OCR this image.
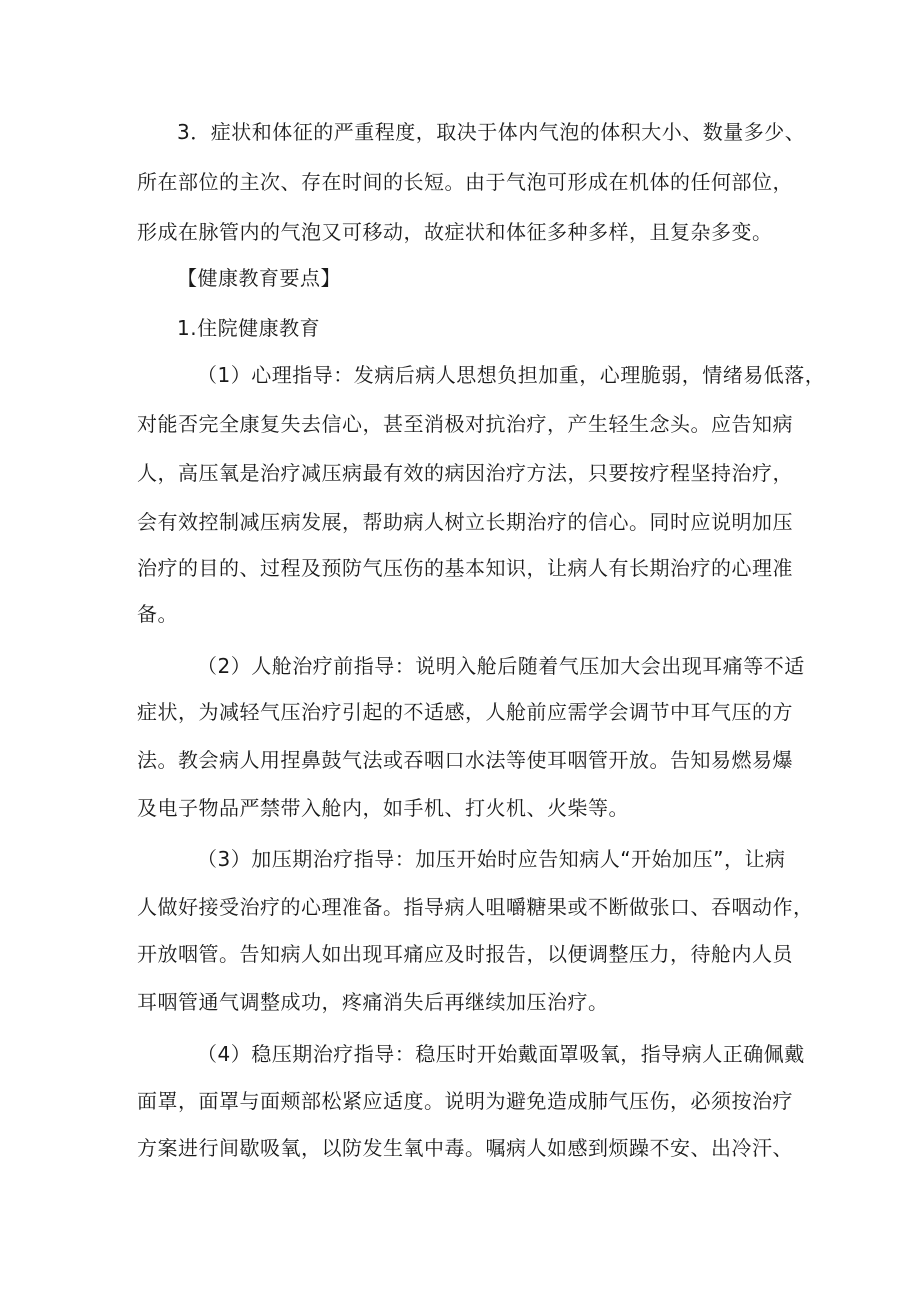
3．症状和体征的严重程度，取决于体内气泡的体积大小、数量多少、
所在部位的主次、存在时间的长短。由于气泡可形成在机体的任何部位，
形成在脉管内的气泡又可移动，故症状和体征多种多样，且复杂多变。
【健康教育要点】
1.住院健康教育
（1）心理指导：发病后病人思想负担加重，心理脆弱，情绪易低落，
对能否完全康复失去信心，甚至消极对抗治疗，产生轻生念头。应告知病
人，高压氧是治疗减压病最有效的病因治疗方法，只要按疗程坚持治疗，
会有效控制减压病发展，帮助病人树立长期治疗的信心。同时应说明加压
治疗的目的、过程及预防气压伤的基本知识，让病人有长期治疗的心理准
备。
（2）人舱治疗前指导：说明入舱后随着气压加大会出现耳痛等不适
症状，为减轻气压治疗引起的不适感，人舱前应需学会调节中耳气压的方
法。教会病人用捏鼻鼓气法或吞咽口水法等使耳咽管开放。告知易燃易爆
及电子物品严禁带入舱内，如手机、打火机、火柴等。
（3）加压期治疗指导：加压开始时应告知病人“开始加压”，让病
人做好接受治疗的心理准备。指导病人咀嚼糖果或不断做张口、吞咽动作，
开放咽管。告知病人如出现耳痛应及时报告，以便调整压力，待舱内人员
耳咽管通气调整成功，疼痛消失后再继续加压治疗。
（4）稳压期治疗指导：稳压时开始戴面罩吸氧，指导病人正确佩戴
面罩，面罩与面颊部松紧应适度。说明为避免造成肺气压伤，必须按治疗
方案进行间歇吸氧，以防发生氧中毒。嘱病人如感到烦躁不安、出冷汗、
